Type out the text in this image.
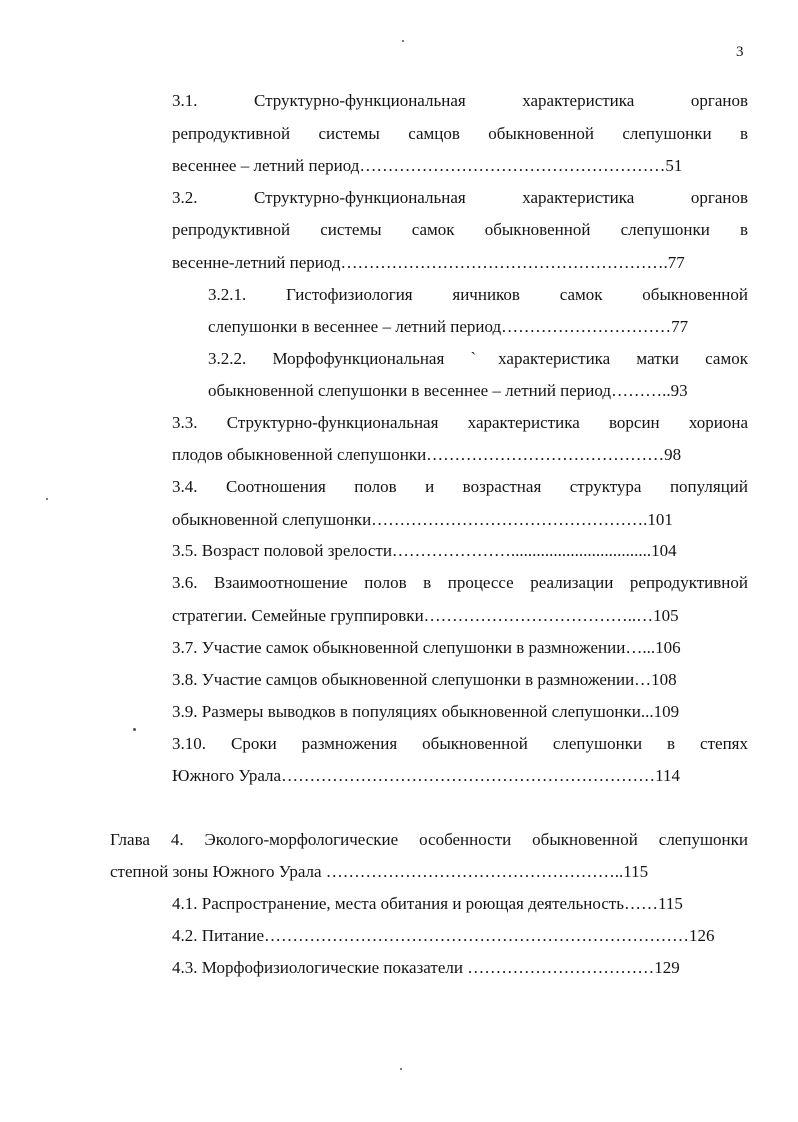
3
3.1. Структурно-функциональная характеристика органов
репродуктивной системы самцов обыкновенной слепушонки в
весеннее – летний период………………………………………………51
3.2. Структурно-функциональная характеристика органов
репродуктивной системы самок обыкновенной слепушонки в
весенне-летний период………………………………………………….77
3.2.1. Гистофизиология яичников самок обыкновенной
слепушонки в весеннее – летний период…………………………77
3.2.2. Морфофункциональная ˋхарактеристика матки самок
обыкновенной слепушонки в весеннее – летний период………..93
3.3. Структурно-функциональная характеристика ворсин хориона
плодов обыкновенной слепушонки……………………………………98
3.4. Соотношения полов и возрастная структура популяций
обыкновенной слепушонки………………………………………….101
3.5. Возраст половой зрелости………………….................................104
3.6. Взаимоотношение полов в процессе реализации репродуктивной
стратегии. Семейные группировки………………………………..…105
3.7. Участие самок обыкновенной слепушонки в размножении…...106
3.8. Участие самцов обыкновенной слепушонки в размножении…108
3.9. Размеры выводков в популяциях обыкновенной слепушонки...109
3.10. Сроки размножения обыкновенной слепушонки в степях
Южного Урала…………………………………………………………114
Глава 4. Эколого-морфологические особенности обыкновенной слепушонки
степной зоны Южного Урала ……………………………………………..115
4.1. Распространение, места обитания и роющая деятельность……115
4.2. Питание…………………………………………………………………126
4.3. Морфофизиологические показатели ……………………………129
